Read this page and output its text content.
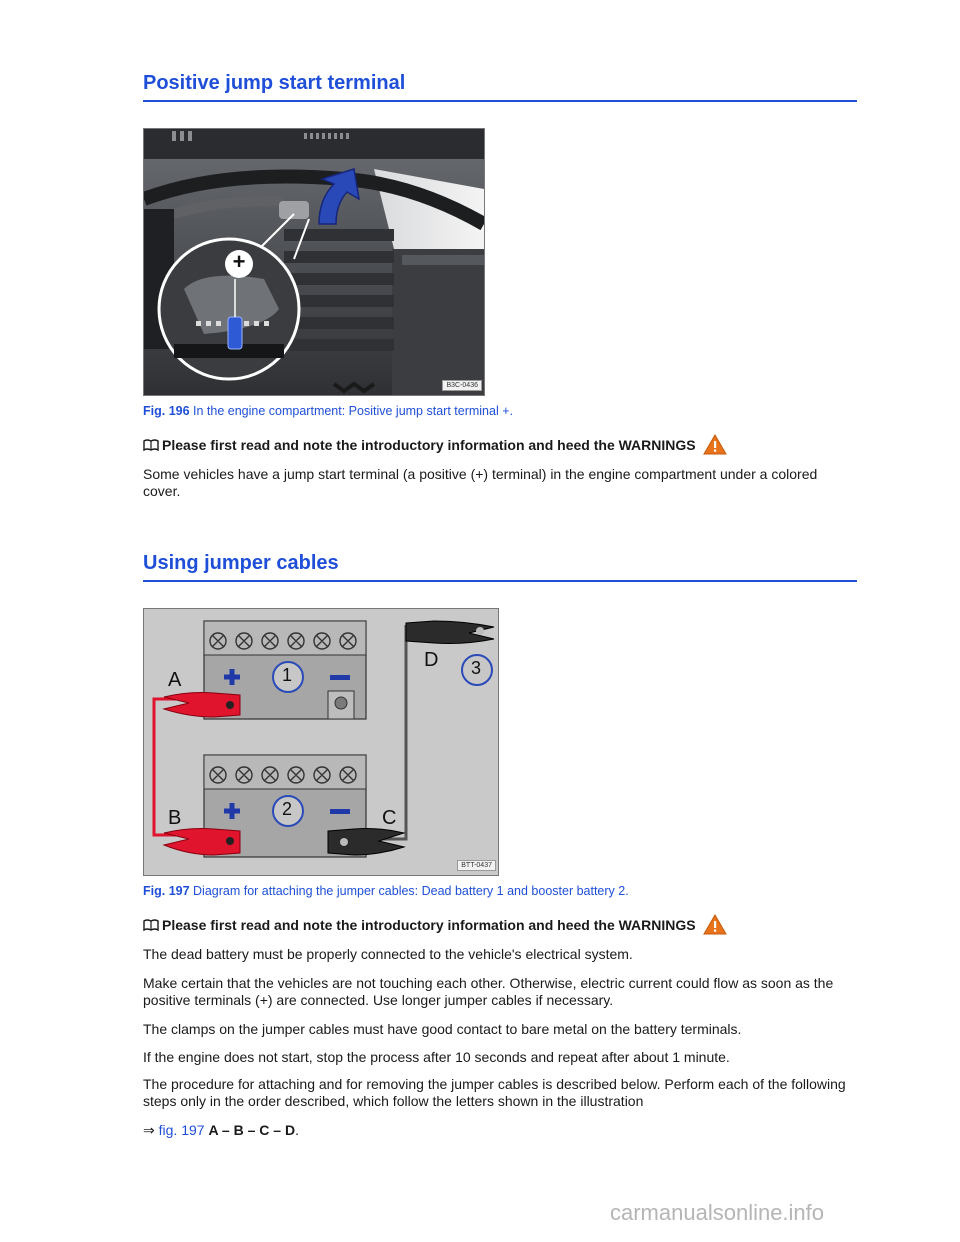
Positive jump start terminal
+
B3C-0436
Fig. 196 In the engine compartment: Positive jump start terminal +.
Please first read and note the introductory information and heed the WARNINGS

Some vehicles have a jump start terminal (a positive (+) terminal) in the engine compartment under a colored cover.

Using jumper cables
A
B	C
D
1
2
3
BTT-0437
Fig. 197 Diagram for attaching the jumper cables: Dead battery 1 and booster battery 2.
Please first read and note the introductory information and heed the WARNINGS

The dead battery must be properly connected to the vehicle's electrical system.

Make certain that the vehicles are not touching each other. Otherwise, electric current could flow as soon as the positive terminals (+) are connected. Use longer jumper cables if necessary.

The clamps on the jumper cables must have good contact to bare metal on the battery terminals.

If the engine does not start, stop the process after 10 seconds and repeat after about 1 minute.

The procedure for attaching and for removing the jumper cables is described below. Perform each of the following steps only in the order described, which follow the letters shown in the illustration

⇒ fig. 197 A – B – C – D.

carmanualsonline.info
